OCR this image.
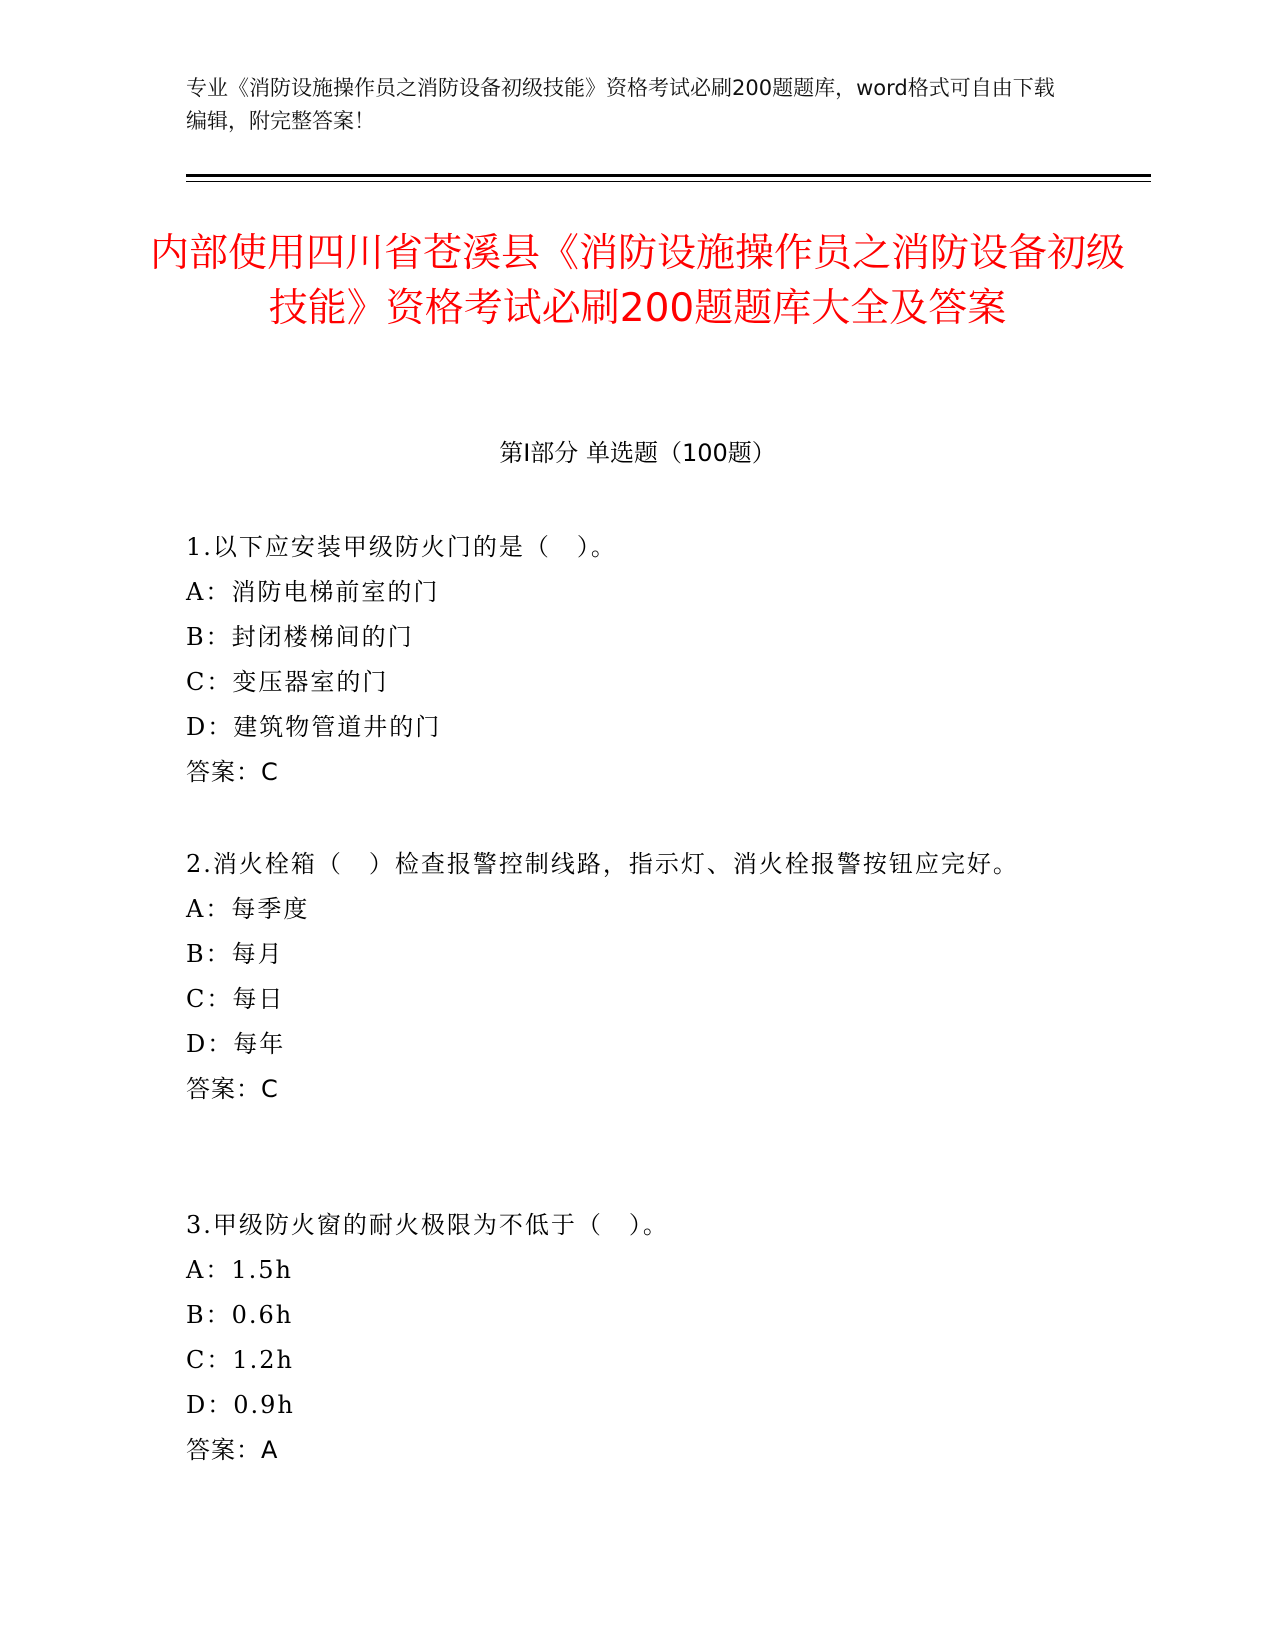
专业《消防设施操作员之消防设备初级技能》资格考试必刷200题题库，word格式可自由下载编辑，附完整答案！
内部使用四川省苍溪县《消防设施操作员之消防设备初级技能》资格考试必刷200题题库大全及答案
第Ⅰ部分 单选题（100题）
1.以下应安装甲级防火门的是（　）。
A：消防电梯前室的门
B：封闭楼梯间的门
C：变压器室的门
D：建筑物管道井的门
答案：C
2.消火栓箱（　）检查报警控制线路，指示灯、消火栓报警按钮应完好。
A：每季度
B：每月
C：每日
D：每年
答案：C
3.甲级防火窗的耐火极限为不低于（　）。
A：1.5h
B：0.6h
C：1.2h
D：0.9h
答案：A
